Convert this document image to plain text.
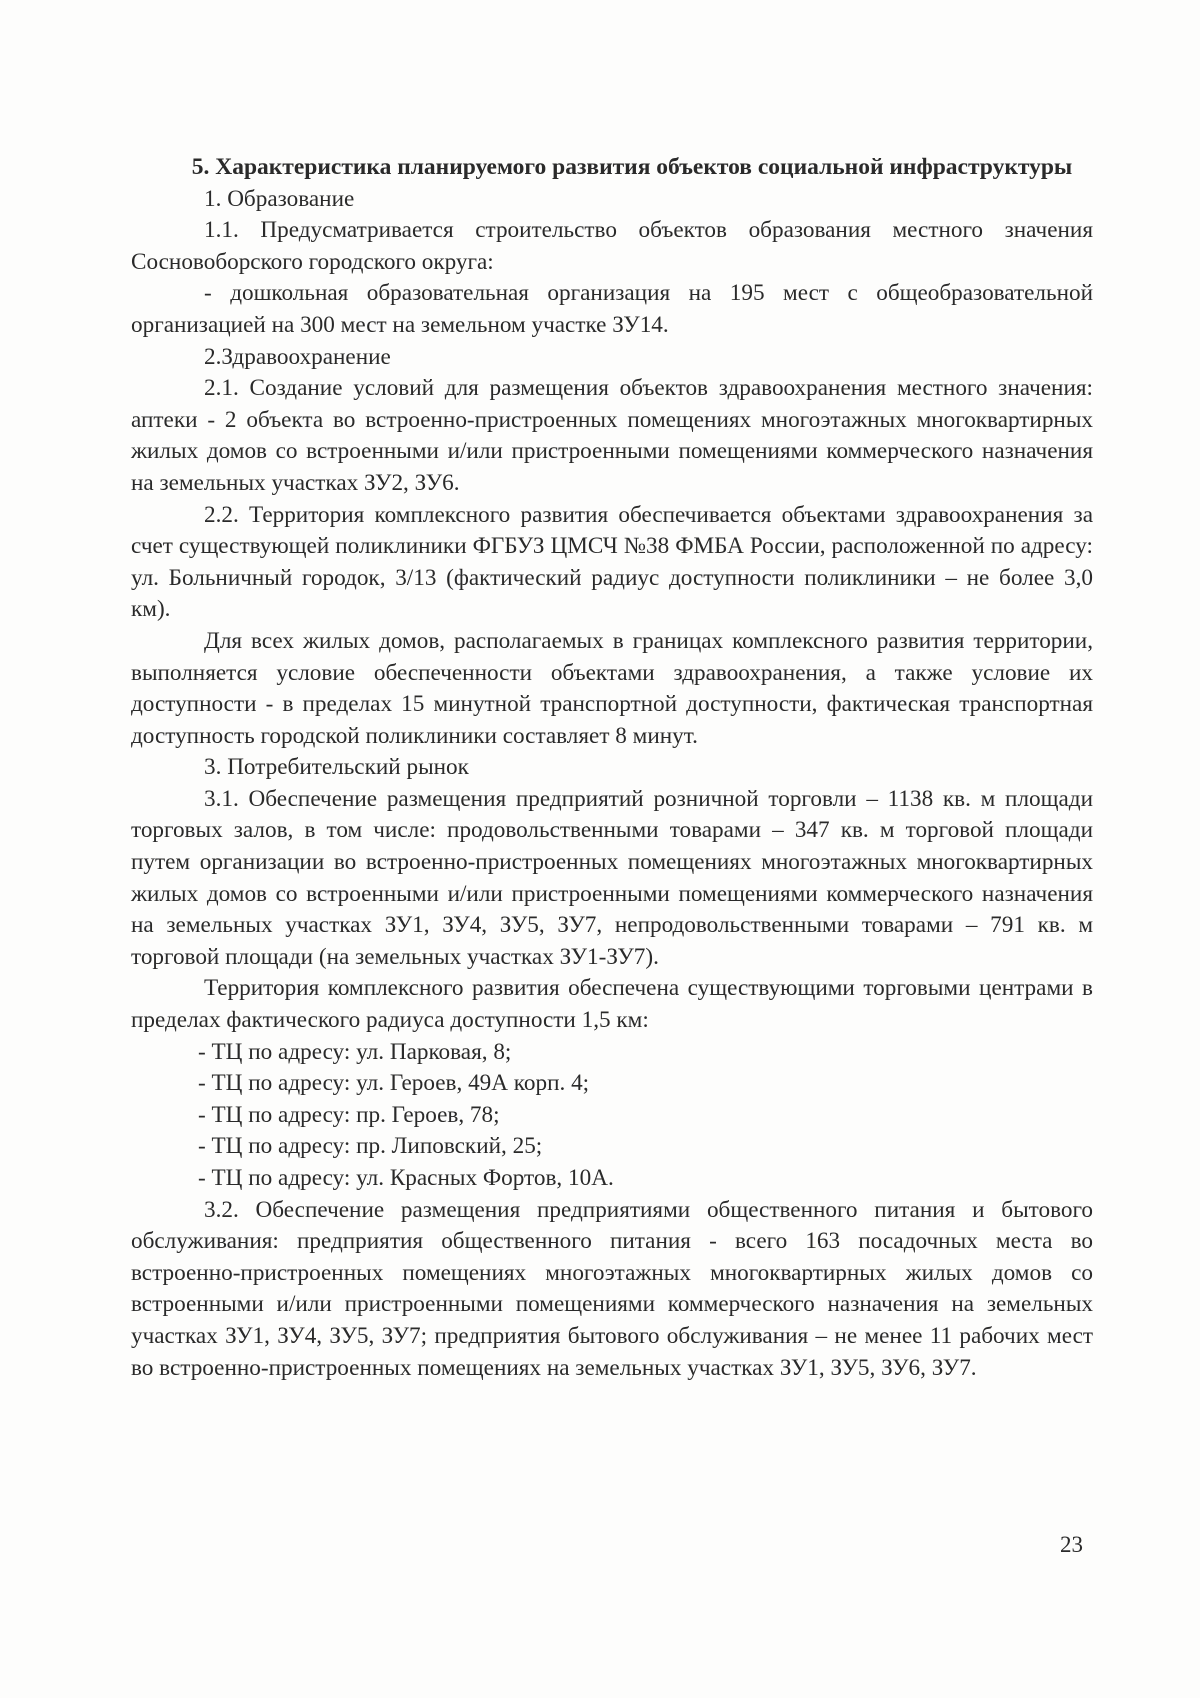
5. Характеристика планируемого развития объектов социальной инфраструктуры

1. Образование

1.1. Предусматривается строительство объектов образования местного значения Сосновоборского городского округа:

- дошкольная образовательная организация на 195 мест с общеобразовательной организацией на 300 мест на земельном участке ЗУ14.

2.Здравоохранение

2.1. Создание условий для размещения объектов здравоохранения местного значения: аптеки - 2 объекта во встроенно-пристроенных помещениях многоэтажных многоквартирных жилых домов со встроенными и/или пристроенными помещениями коммерческого назначения на земельных участках ЗУ2, ЗУ6.

2.2. Территория комплексного развития обеспечивается объектами здравоохранения за счет существующей поликлиники ФГБУЗ ЦМСЧ №38 ФМБА России, расположенной по адресу: ул. Больничный городок, 3/13 (фактический радиус доступности поликлиники – не более 3,0 км).

Для всех жилых домов, располагаемых в границах комплексного развития территории, выполняется условие обеспеченности объектами здравоохранения, а также условие их доступности - в пределах 15 минутной транспортной доступности, фактическая транспортная доступность городской поликлиники составляет 8 минут.

3. Потребительский рынок

3.1. Обеспечение размещения предприятий розничной торговли – 1138 кв. м площади торговых залов, в том числе: продовольственными товарами – 347 кв. м торговой площади путем организации во встроенно-пристроенных помещениях многоэтажных многоквартирных жилых домов со встроенными и/или пристроенными помещениями коммерческого назначения на земельных участках ЗУ1, ЗУ4, ЗУ5, ЗУ7, непродовольственными товарами – 791 кв. м торговой площади (на земельных участках ЗУ1-ЗУ7).

Территория комплексного развития обеспечена существующими торговыми центрами в пределах фактического радиуса доступности 1,5 км:

- ТЦ по адресу: ул. Парковая, 8;

- ТЦ по адресу: ул. Героев, 49А корп. 4;

- ТЦ по адресу: пр. Героев, 78;

- ТЦ по адресу: пр. Липовский, 25;

- ТЦ по адресу: ул. Красных Фортов, 10А.

3.2. Обеспечение размещения предприятиями общественного питания и бытового обслуживания: предприятия общественного питания - всего 163 посадочных места во встроенно-пристроенных помещениях многоэтажных многоквартирных жилых домов со встроенными и/или пристроенными помещениями коммерческого назначения на земельных участках ЗУ1, ЗУ4, ЗУ5, ЗУ7; предприятия бытового обслуживания – не менее 11 рабочих мест во встроенно-пристроенных помещениях на земельных участках ЗУ1, ЗУ5, ЗУ6, ЗУ7.

23
